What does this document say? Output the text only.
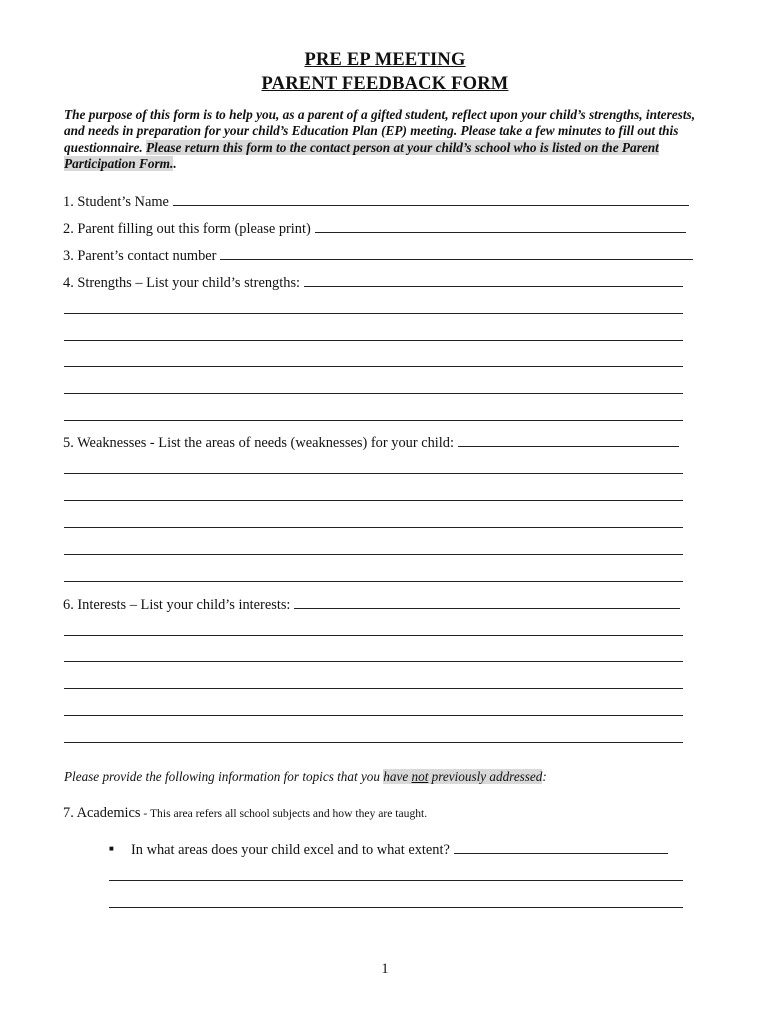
PRE EP MEETING
PARENT FEEDBACK FORM
The purpose of this form is to help you, as a parent of a gifted student, reflect upon your child’s strengths, interests, and needs in preparation for your child’s Education Plan (EP) meeting. Please take a few minutes to fill out this questionnaire. Please return this form to the contact person at your child’s school who is listed on the Parent Participation Form..
1. Student’s Name
2. Parent filling out this form (please print)
3. Parent’s contact number
4. Strengths – List your child’s strengths:
5. Weaknesses - List the areas of needs (weaknesses) for your child:
6. Interests – List your child’s interests:
Please provide the following information for topics that you have not previously addressed:
7. Academics - This area refers all school subjects and how they are taught.
■	In what areas does your child excel and to what extent?
1
